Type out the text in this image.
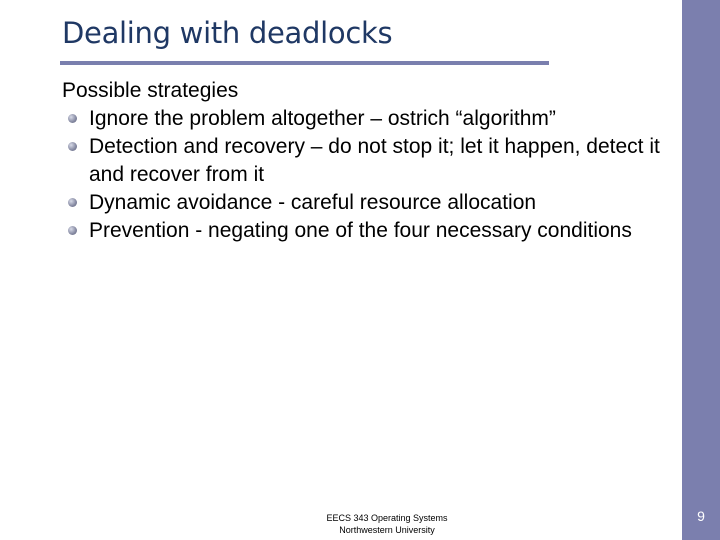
Dealing with deadlocks

Possible strategies

Ignore the problem altogether – ostrich “algorithm”
Detection and recovery – do not stop it; let it happen, detect it and recover from it
Dynamic avoidance - careful resource allocation
Prevention - negating one of the four necessary conditions
EECS 343 Operating Systems
Northwestern University
9
